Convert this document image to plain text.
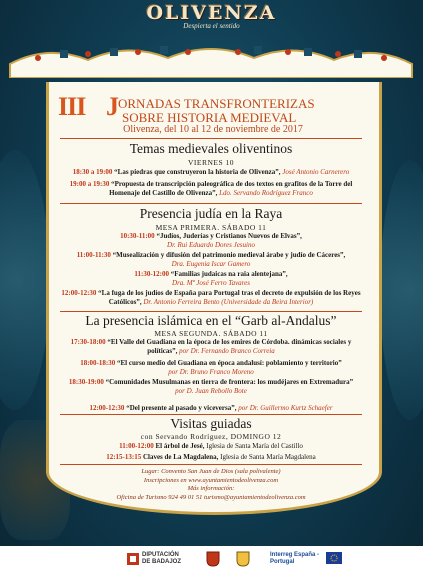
OLIVENZA
Despierta el sentido
III J ORNADAS TRANSFRONTERIZAS
SOBRE HISTORIA MEDIEVAL
Olivenza, del 10 al 12 de noviembre de 2017
Temas medievales oliventinos
VIERNES 10
18:30 a 19:00 “Las piedras que construyeron la historia de Olivenza”, José Antonio Carnerero
19:00 a 19:30 “Propuesta de transcripción paleográfica de dos textos en grafitos de la Torre del Homenaje del Castillo de Olivenza”, Ldo. Servando Rodríguez Franco
Presencia judía en la Raya
MESA PRIMERA. SÁBADO 11
10:30-11:00 “Judíos, Juderías y Cristianos Nuevos de Elvas”,
Dr. Rui Eduardo Dores Jesuino
11:00-11:30 “Musealización y difusión del patrimonio medieval árabe y judío de Cáceres”,
Dra. Eugenia Iscar Gamero
11:30-12:00 “Familias judaicas na raia alentejana”,
Dra. Mª José Ferro Tavares
12:00-12:30 “La fuga de los judíos de España para Portugal tras el decreto de expulsión de los Reyes Católicos”, Dr. Antonio Ferreira Bento (Universidade da Beira Interior)
La presencia islámica en el “Garb al-Andalus”
MESA SEGUNDA. SÁBADO 11
17:30-18:00 “El Valle del Guadiana en la época de los emires de Córdoba. dinámicas sociales y políticas”, por Dr. Fernando Branco Correia
18:00-18:30 “El curso medio del Guadiana en época andalusí: poblamiento y territorio”
por Dr. Bruno Franco Moreno
18:30-19:00 “Comunidades Musulmanas en tierra de frontera: los mudéjares en Extremadura”
por D. Juan Rebollo Bote
12:00-12:30 “Del presente al pasado y viceversa”, por Dr. Guillermo Kurtz Schaefer
Visitas guiadas
con Servando Rodríguez, DOMINGO 12
11:00-12:00 El árbol de Jesé, Iglesia de Santa María del Castillo
12:15-13:15 Claves de La Magdalena, Iglesia de Santa María Magdalena
Lugar: Convento San Juan de Dios (sala polivalente)
Inscripciones en www.ayuntamientodeolivenza.com
Más información:
Oficina de Turismo 924 49 01 51 turismo@ayuntamientodeolivenza.com
DIPUTACIÓN DE BADAJOZ
Interreg España - Portugal
